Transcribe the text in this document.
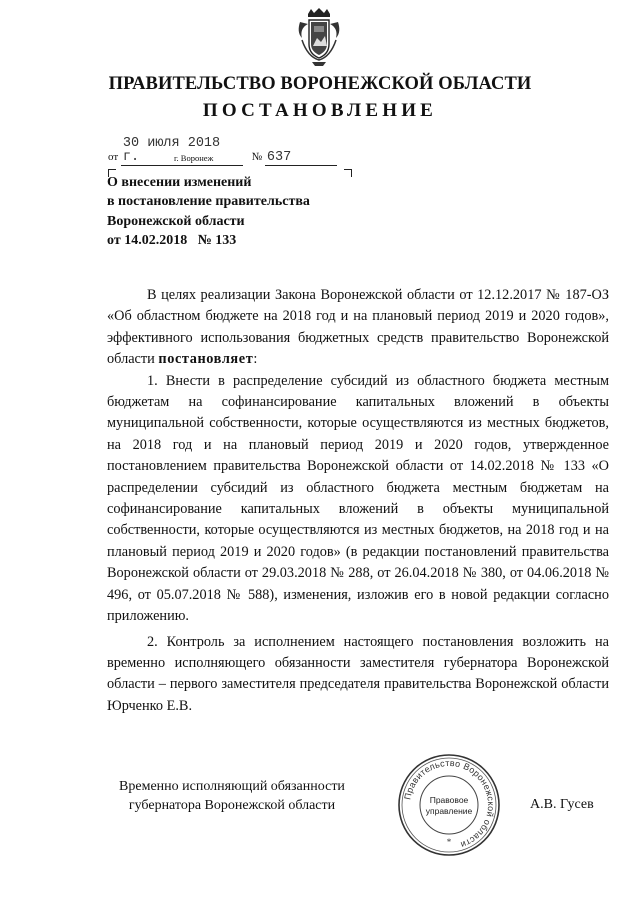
ПРАВИТЕЛЬСТВО ВОРОНЕЖСКОЙ ОБЛАСТИ
ПОСТАНОВЛЕНИЕ
от 30 июля 2018 г.	№ 637
г. Воронеж
О внесении изменений
в постановление правительства
Воронежской области
от 14.02.2018   № 133

В целях реализации Закона Воронежской области от 12.12.2017 № 187-ОЗ «Об областном бюджете на 2018 год и на плановый период 2019 и 2020 годов», эффективного использования бюджетных средств правительство Воронежской области постановляет:

1. Внести в распределение субсидий из областного бюджета местным бюджетам на софинансирование капитальных вложений в объекты муниципальной собственности, которые осуществляются из местных бюджетов, на 2018 год и на плановый период 2019 и 2020 годов, утвержденное постановлением правительства Воронежской области от 14.02.2018 № 133 «О распределении субсидий из областного бюджета местным бюджетам на софинансирование капитальных вложений в объекты муниципальной собственности, которые осуществляются из местных бюджетов, на 2018 год и на плановый период 2019 и 2020 годов» (в редакции постановлений правительства Воронежской области от 29.03.2018 № 288, от 26.04.2018 № 380, от 04.06.2018 № 496, от 05.07.2018 № 588), изменения, изложив его в новой редакции согласно приложению.

2. Контроль за исполнением настоящего постановления возложить на временно исполняющего обязанности заместителя губернатора Воронежской области – первого заместителя председателя правительства Воронежской области Юрченко Е.В.

Временно исполняющий обязанности
губернатора Воронежской области
Правительство Воронежской области
Правовое
управление
*
А.В. Гусев
